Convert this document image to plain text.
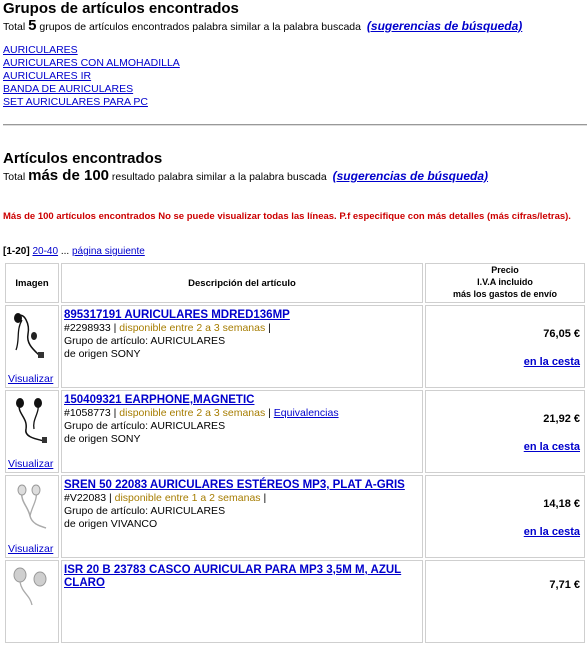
Grupos de artículos encontrados
Total 5 grupos de artículos encontrados palabra similar a la palabra buscada (sugerencias de búsqueda)
AURICULARES
AURICULARES CON ALMOHADILLA
AURICULARES IR
BANDA DE AURICULARES
SET AURICULARES PARA PC
Artículos encontrados
Total más de 100 resultado palabra similar a la palabra buscada (sugerencias de búsqueda)
Más de 100 artículos encontrados No se puede visualizar todas las líneas. P.f especifique con más detalles (más cifras/letras).
[1-20] 20-40 ... página siguiente
Imagen	Descripción del artículo	Precio
I.V.A incluido
más los gastos de envío

Visualizar	895317191 AURICULARES MDRED136MP
#2298933 | disponible entre 2 a 3 semanas |
Grupo de artículo: AURICULARES
de origen SONY	76,05 €
en la cesta

Visualizar	150409321 EARPHONE,MAGNETIC
#1058773 | disponible entre 2 a 3 semanas | Equivalencias
Grupo de artículo: AURICULARES
de origen SONY	21,92 €
en la cesta

Visualizar	SREN 50 22083 AURICULARES ESTÉREOS MP3, PLAT A-GRIS
#V22083 | disponible entre 1 a 2 semanas |
Grupo de artículo: AURICULARES
de origen VIVANCO	14,18 €
en la cesta

	ISR 20 B 23783 CASCO AURICULAR PARA MP3 3,5M M, AZUL CLARO	7,71 €
